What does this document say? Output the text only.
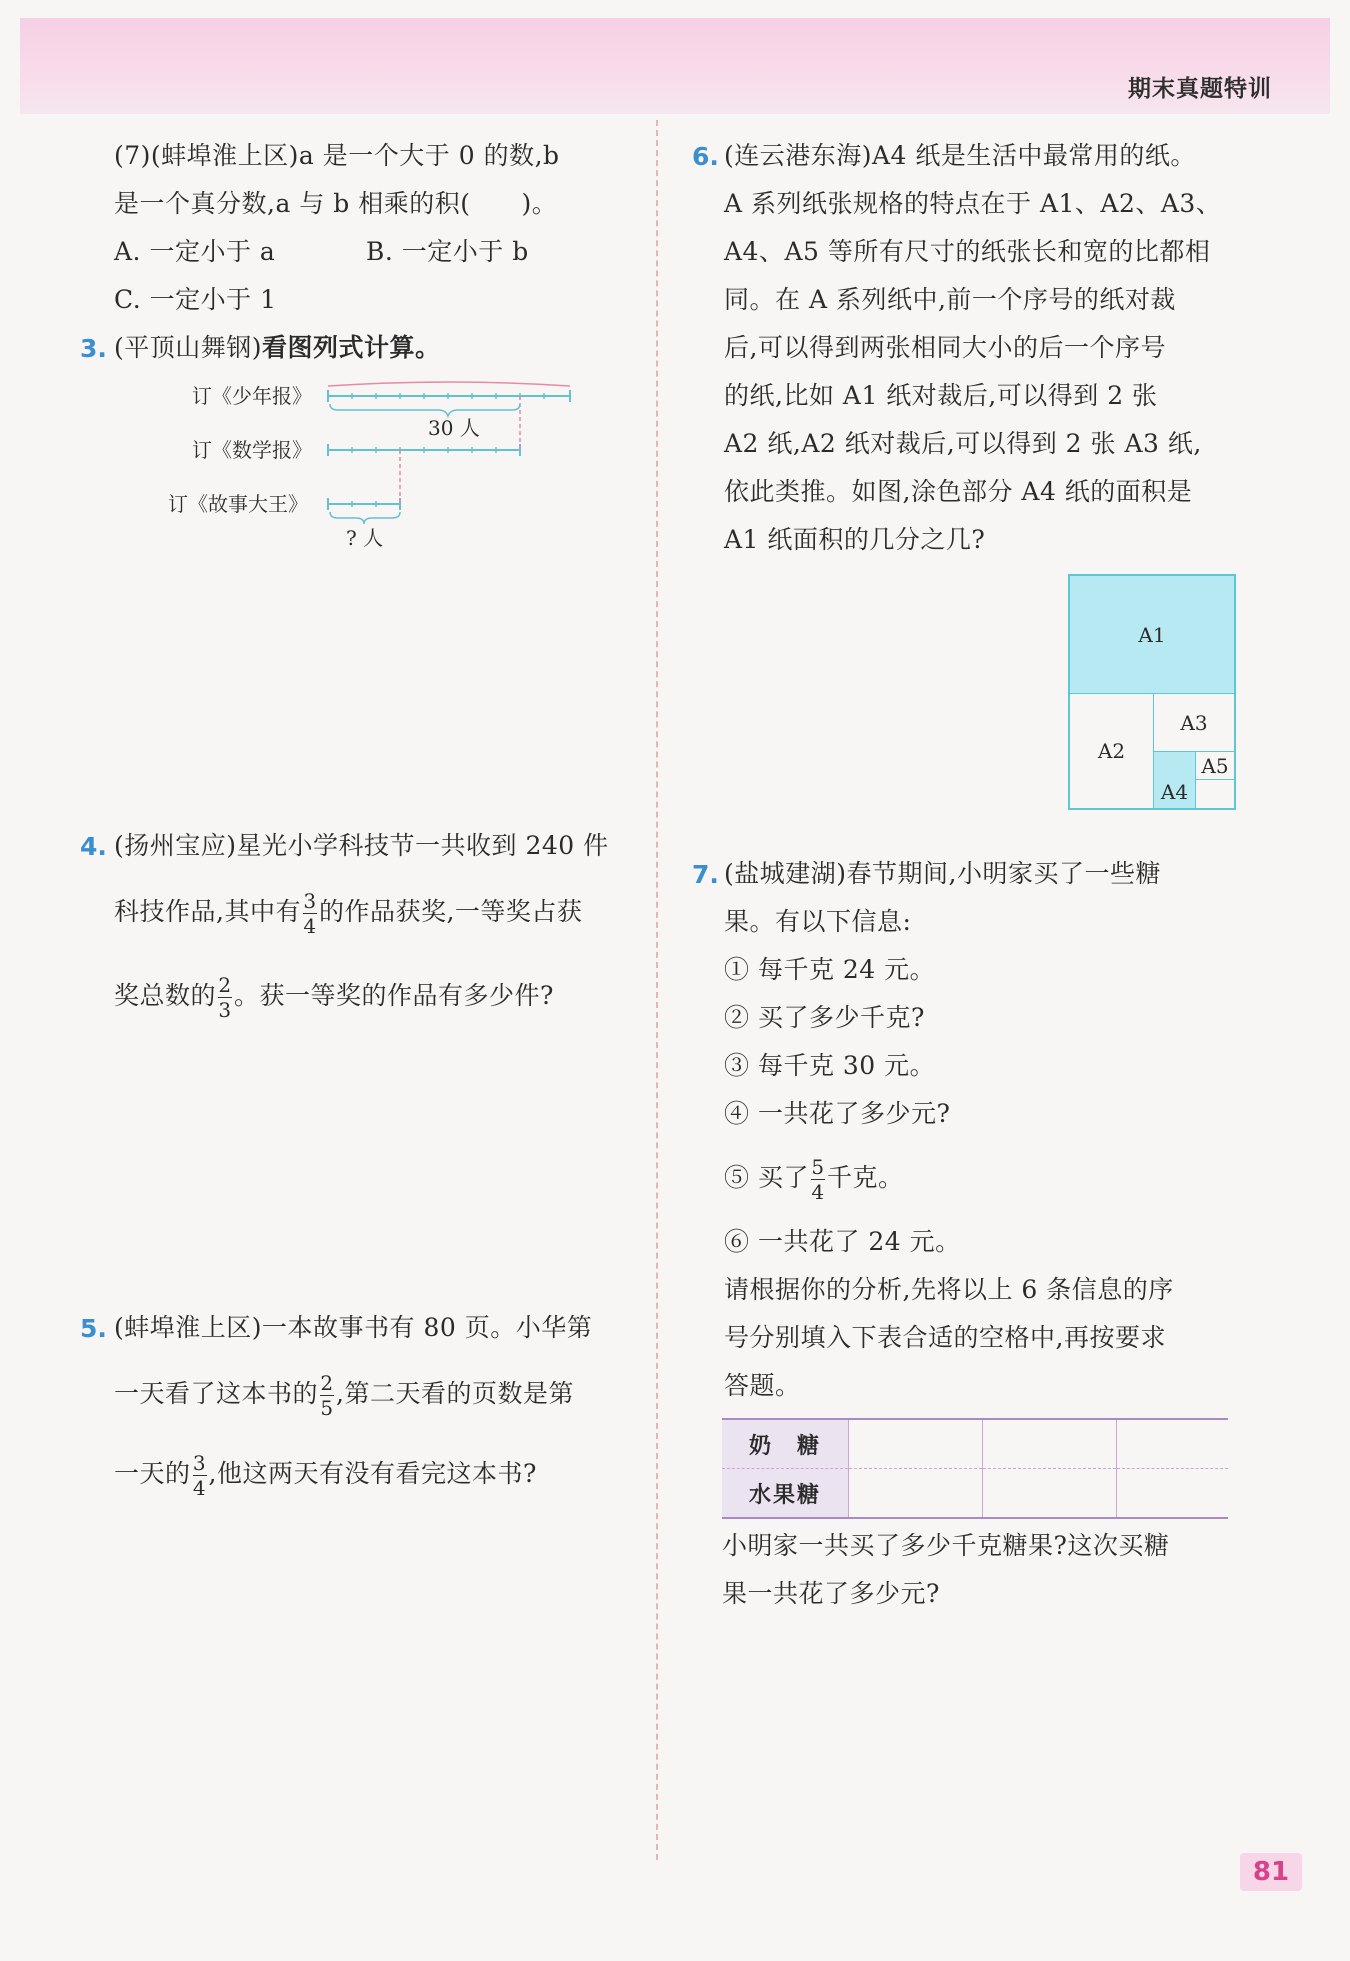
期末真题特训
(7)(蚌埠淮上区)a 是一个大于 0 的数,b
是一个真分数,a 与 b 相乘的积(　　)。
A. 一定小于 a	B. 一定小于 b
C. 一定小于 1
3. (平顶山舞钢)看图列式计算。
订《少年报》
订《数学报》
订《故事大王》
30 人
? 人
4. (扬州宝应)星光小学科技节一共收到 240 件
科技作品,其中有 $\frac{3}{4}$ 的作品获奖,一等奖占获
奖总数的 $\frac{2}{3}$ 。获一等奖的作品有多少件?
5. (蚌埠淮上区)一本故事书有 80 页。小华第
一天看了这本书的 $\frac{2}{5}$ ,第二天看的页数是第
一天的 $\frac{3}{4}$ ,他这两天有没有看完这本书?
6. (连云港东海)A4 纸是生活中最常用的纸。
A 系列纸张规格的特点在于 A1、A2、A3、
A4、A5 等所有尺寸的纸张长和宽的比都相
同。在 A 系列纸中,前一个序号的纸对裁
后,可以得到两张相同大小的后一个序号
的纸,比如 A1 纸对裁后,可以得到 2 张
A2 纸,A2 纸对裁后,可以得到 2 张 A3 纸,
依此类推。如图,涂色部分 A4 纸的面积是
A1 纸面积的几分之几?
A1
A2
A3
A4
A5
7. (盐城建湖)春节期间,小明家买了一些糖
果。有以下信息:
① 每千克 24 元。
② 买了多少千克?
③ 每千克 30 元。
④ 一共花了多少元?
⑤ 买了 $\frac{5}{4}$ 千克。
⑥ 一共花了 24 元。
请根据你的分析,先将以上 6 条信息的序
号分别填入下表合适的空格中,再按要求
答题。
奶　糖			
水果糖			
小明家一共买了多少千克糖果?这次买糖
果一共花了多少元?
81
